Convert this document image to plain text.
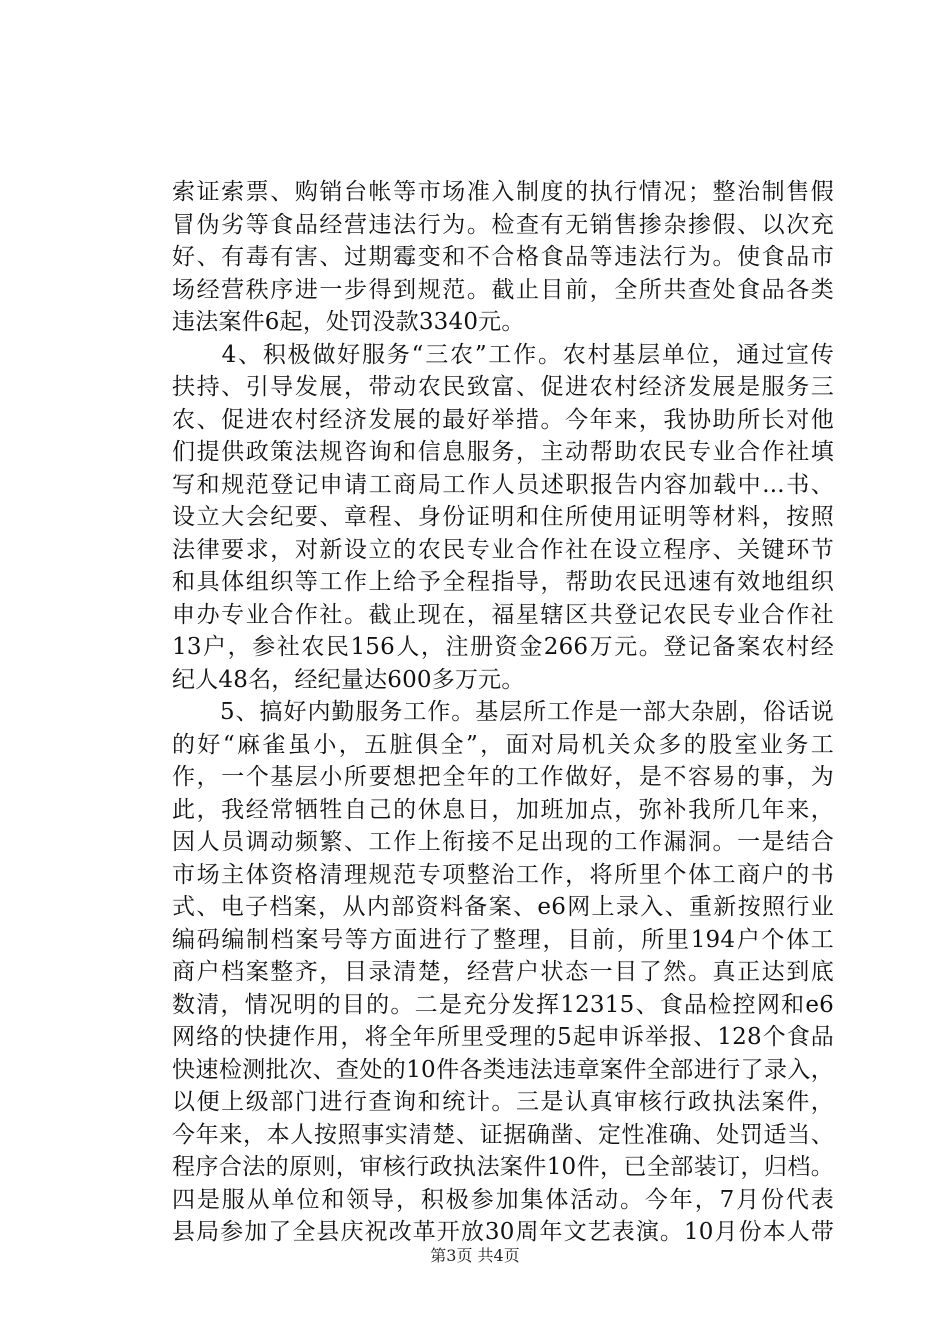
索证索票、购销台帐等市场准入制度的执行情况；整治制售假
冒伪劣等食品经营违法行为。检查有无销售掺杂掺假、以次充
好、有毒有害、过期霉变和不合格食品等违法行为。使食品市
场经营秩序进一步得到规范。截止目前，全所共查处食品各类
违法案件6起，处罚没款3340元。
　　4、积极做好服务“三农”工作。农村基层单位，通过宣传
扶持、引导发展，带动农民致富、促进农村经济发展是服务三
农、促进农村经济发展的最好举措。今年来，我协助所长对他
们提供政策法规咨询和信息服务，主动帮助农民专业合作社填
写和规范登记申请工商局工作人员述职报告内容加载中...书、
设立大会纪要、章程、身份证明和住所使用证明等材料，按照
法律要求，对新设立的农民专业合作社在设立程序、关键环节
和具体组织等工作上给予全程指导，帮助农民迅速有效地组织
申办专业合作社。截止现在，福星辖区共登记农民专业合作社
13户，参社农民156人，注册资金266万元。登记备案农村经
纪人48名，经纪量达600多万元。
　　5、搞好内勤服务工作。基层所工作是一部大杂剧，俗话说
的好“麻雀虽小，五脏俱全”，面对局机关众多的股室业务工
作，一个基层小所要想把全年的工作做好，是不容易的事，为
此，我经常牺牲自己的休息日，加班加点，弥补我所几年来，
因人员调动频繁、工作上衔接不足出现的工作漏洞。一是结合
市场主体资格清理规范专项整治工作，将所里个体工商户的书
式、电子档案，从内部资料备案、e6网上录入、重新按照行业
编码编制档案号等方面进行了整理，目前，所里194户个体工
商户档案整齐，目录清楚，经营户状态一目了然。真正达到底
数清，情况明的目的。二是充分发挥12315、食品检控网和e6
网络的快捷作用，将全年所里受理的5起申诉举报、128个食品
快速检测批次、查处的10件各类违法违章案件全部进行了录入，
以便上级部门进行查询和统计。三是认真审核行政执法案件，
今年来，本人按照事实清楚、证据确凿、定性准确、处罚适当、
程序合法的原则，审核行政执法案件10件，已全部装订，归档。
四是服从单位和领导，积极参加集体活动。今年，7月份代表
县局参加了全县庆祝改革开放30周年文艺表演。10月份本人带
第3页 共4页
